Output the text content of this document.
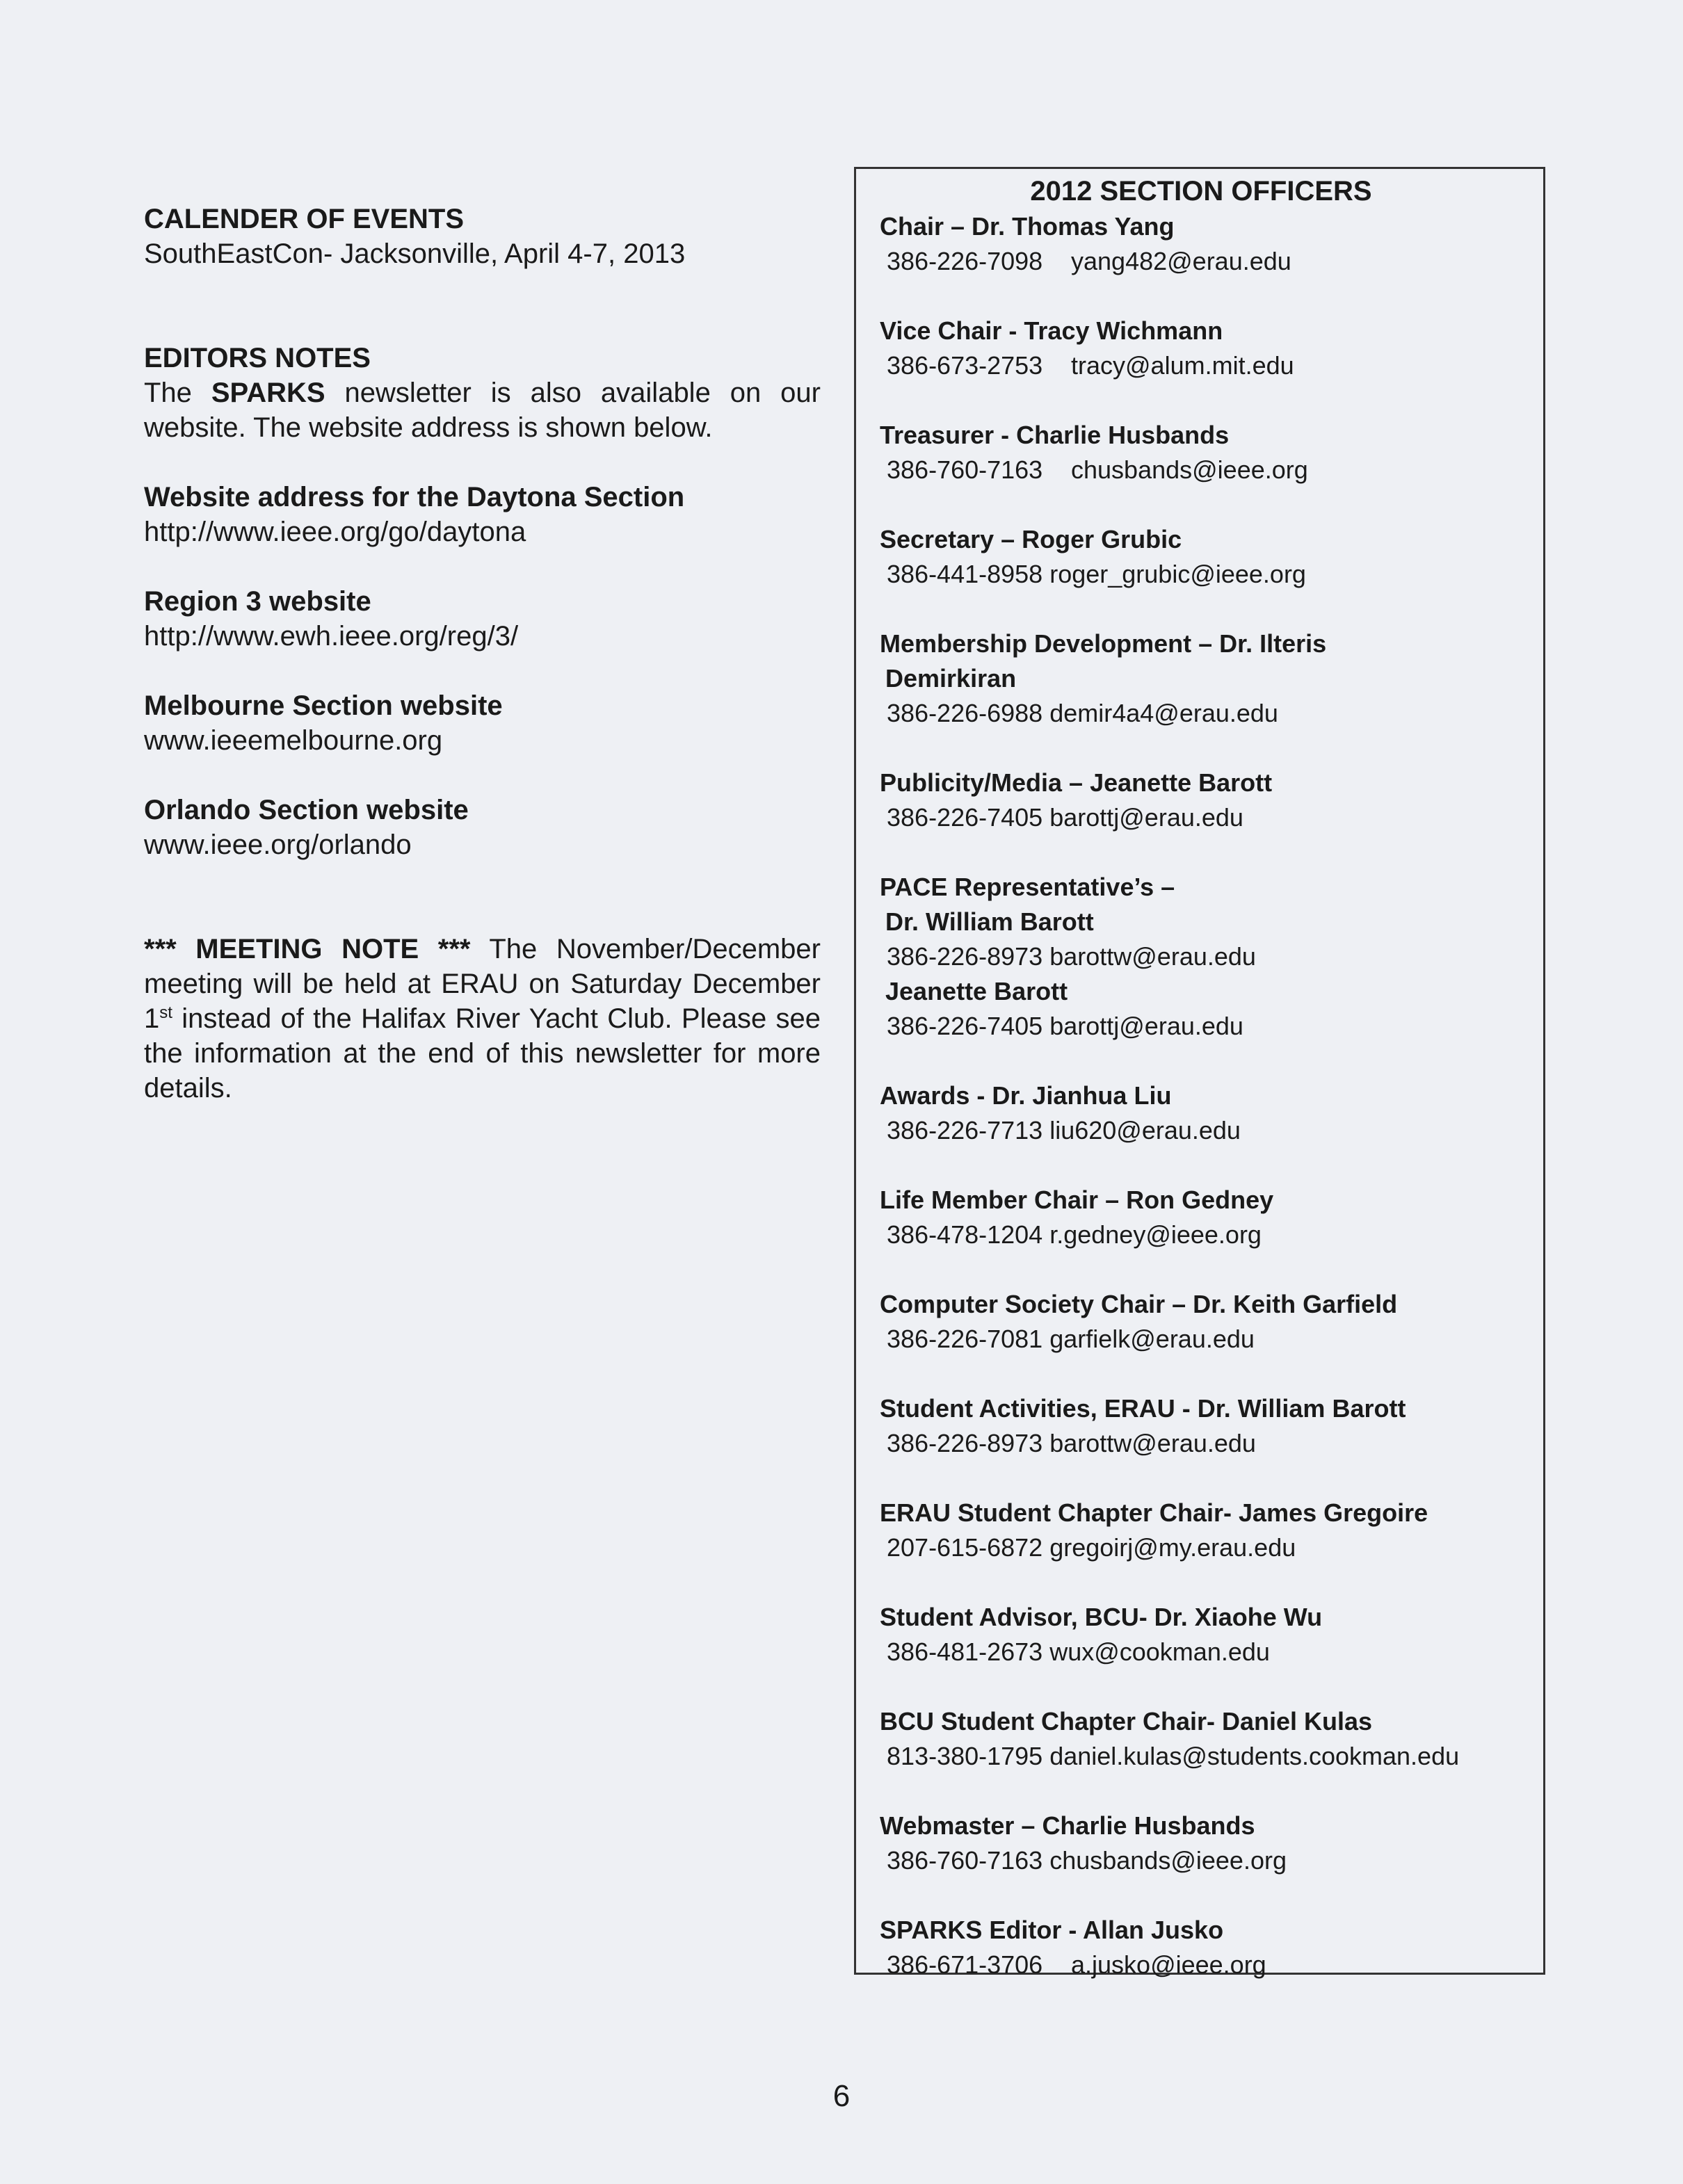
CALENDER OF EVENTS

SouthEastCon- Jacksonville, April 4-7, 2013

EDITORS NOTES

The SPARKS newsletter is also available on our website. The website address is shown below.

Website address for the Daytona Section

http://www.ieee.org/go/daytona

Region 3 website

http://www.ewh.ieee.org/reg/3/

Melbourne Section website

www.ieeemelbourne.org

Orlando Section website

www.ieee.org/orlando

*** MEETING NOTE *** The November/December meeting will be held at ERAU on Saturday December 1st instead of the Halifax River Yacht Club. Please see the information at the end of this newsletter for more details.

2012 SECTION OFFICERS

Chair – Dr. Thomas Yang

386-226-7098 yang482@erau.edu

Vice Chair - Tracy Wichmann

386-673-2753 tracy@alum.mit.edu

Treasurer - Charlie Husbands

386-760-7163 chusbands@ieee.org

Secretary – Roger Grubic

386-441-8958 roger_grubic@ieee.org

Membership Development – Dr. Ilteris

Demirkiran

386-226-6988 demir4a4@erau.edu

Publicity/Media – Jeanette Barott

386-226-7405 barottj@erau.edu

PACE Representative’s –

Dr. William Barott

386-226-8973 barottw@erau.edu

Jeanette Barott

386-226-7405 barottj@erau.edu

Awards - Dr. Jianhua Liu

386-226-7713 liu620@erau.edu

Life Member Chair – Ron Gedney

386-478-1204 r.gedney@ieee.org

Computer Society Chair – Dr. Keith Garfield

386-226-7081 garfielk@erau.edu

Student Activities, ERAU - Dr. William Barott

386-226-8973 barottw@erau.edu

ERAU Student Chapter Chair- James Gregoire

207-615-6872 gregoirj@my.erau.edu

Student Advisor, BCU- Dr. Xiaohe Wu

386-481-2673 wux@cookman.edu

BCU Student Chapter Chair- Daniel Kulas

813-380-1795 daniel.kulas@students.cookman.edu

Webmaster – Charlie Husbands

386-760-7163 chusbands@ieee.org

SPARKS Editor - Allan Jusko

386-671-3706 a.jusko@ieee.org

6
